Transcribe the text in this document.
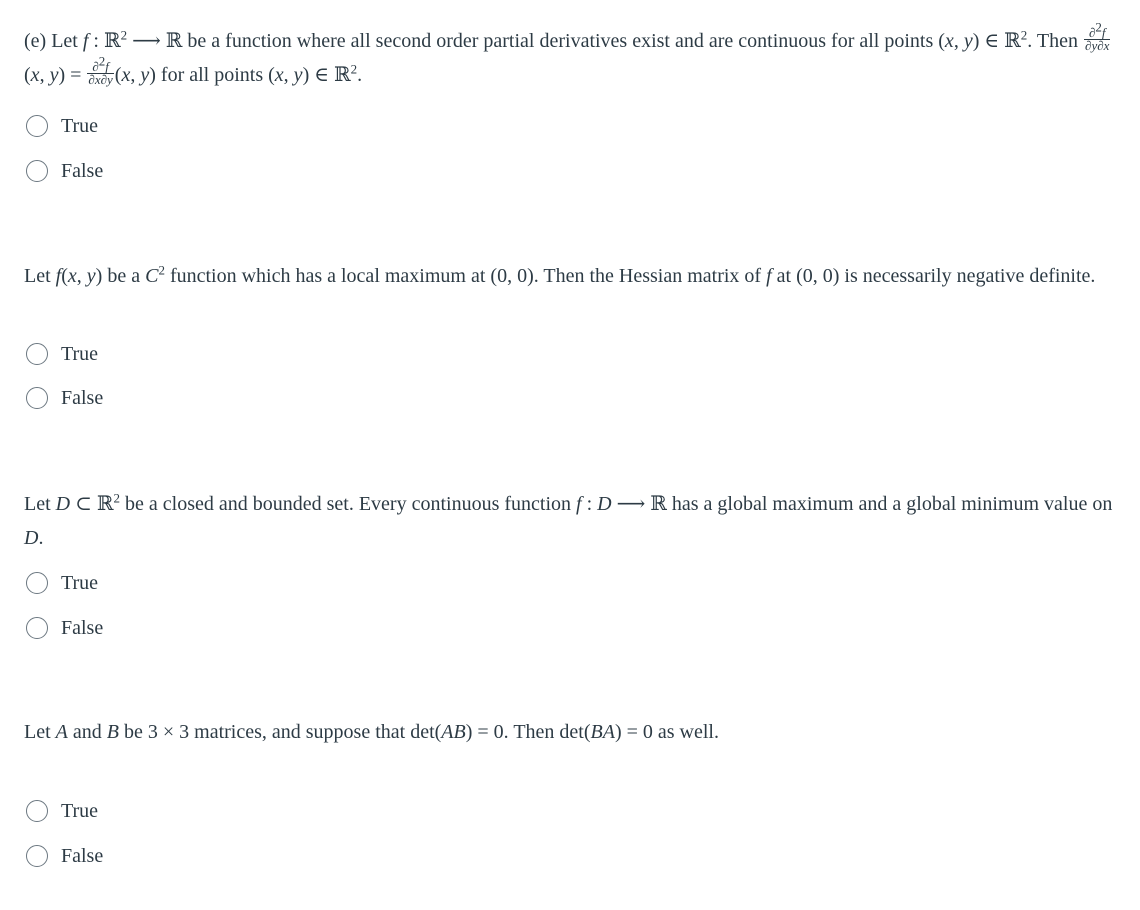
(e) Let f : ℝ$^2$ ⟶ ℝ be a function where all second order partial derivatives exist and are continuous for all points (x, y) ∈ ℝ$^2$. Then $\frac{\partial^2f}{\partial y\partial x}$
(x, $y) = \frac{\partial^2f}{\partial x\partial y} (x$, y) for all points (x, y) ∈ ℝ$^2$.

True
False

Let f(x, y) be a $C^2$ function which has a local maximum at (0, 0). Then the Hessian matrix of f at (0, 0) is necessarily negative definite.

True
False

Let D ⊂ ℝ$^2$ be a closed and bounded set. Every continuous function f : D ⟶ ℝ has a global maximum and a global minimum value on D.

True
False

Let A and B be 3 × 3 matrices, and suppose that det(AB) = 0. Then det(BA) = 0 as well.

True
False
